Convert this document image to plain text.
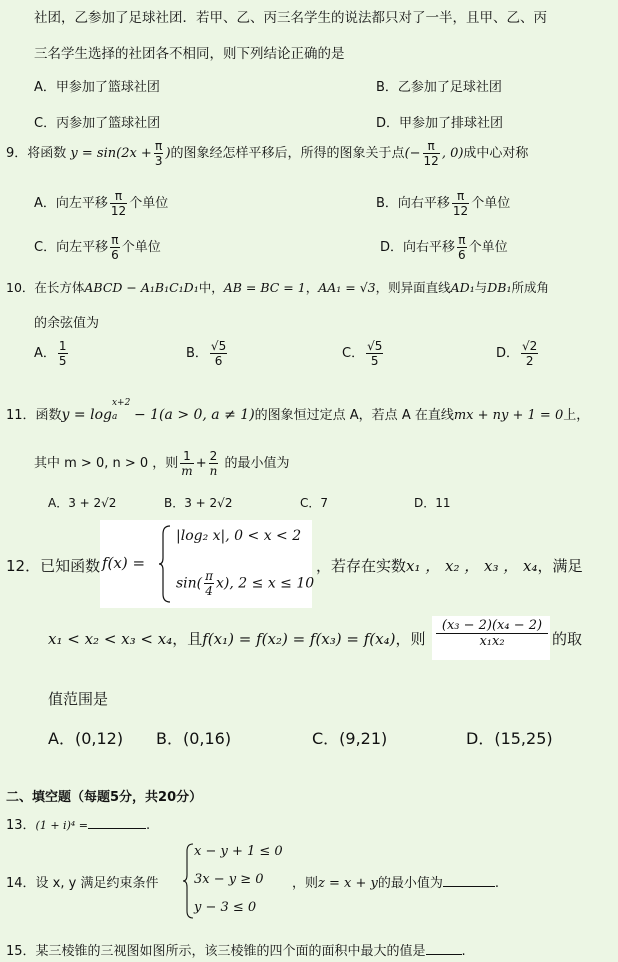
社团，乙参加了足球社团．若甲、乙、丙三名学生的说法都只对了一半，且甲、乙、丙
三名学生选择的社团各不相同，则下列结论正确的是
A．甲参加了篮球社团	B．乙参加了足球社团
C．丙参加了篮球社团	D．甲参加了排球社团
9．将函数 $y = \sin(2x + \frac{\pi}{3}$ )的图象经怎样平移后，所得的图象关于点(− $\frac{\pi}{12}$ , 0)成中心对称
A．向左平移 $\frac{\pi}{12}$ 个单位	B．向右平移 $\frac{\pi}{12}$ 个单位
C．向左平移 $\frac{\pi}{6}$ 个单位	D．向右平移 $\frac{\pi}{6}$ 个单位
10．在长方体ABCD − A₁B₁C₁D₁中，AB = BC = 1，AA₁ = √3，则异面直线AD₁与DB₁所成角
的余弦值为
A． $\frac{1}{5}$	B． $\frac{√5}{6}$	C． $\frac{√5}{5}$	D． $\frac{√2}{2}$
11．函数y = log
x+2
a − 1(a > 0, a ≠ 1)的图象恒过定点 A，若点 A 在直线mx + ny + 1 = 0上，
其中 m > 0, n > 0 ，则 $\frac{1}{m} + \frac{2}{n}$ 的最小值为
A．3 + 2√2	B．3 + 2√2	C．7	D．11
12．已知函数 f(x) =
|log₂ x|, 0 < x < 2
$\sin( \frac{\pi}{4} x)$, 2 ≤ x ≤ 10
，若存在实数x₁ ， x₂ ， x₃ ， x₄，满足
x₁ < x₂ < x₃ < x₄，且f(x₁) = f(x₂) = f(x₃) = f(x₄)，则 $\frac{\text{(x₃ − 2)(x₄ − 2)}}{\text{x₁x₂}}$ 的取
值范围是
A．(0,12) B．(0,16)	C．(9,21)	D．(15,25)
二、填空题（每题5分，共20分）
13．(1 + i)⁴ =	.
14．设 x, y 满足约束条件
x − y + 1 ≤ 0
3x − y ≥ 0
y − 3 ≤ 0
，则z = x + y的最小值为	.
15．某三棱锥的三视图如图所示，该三棱锥的四个面的面积中最大的值是	.
